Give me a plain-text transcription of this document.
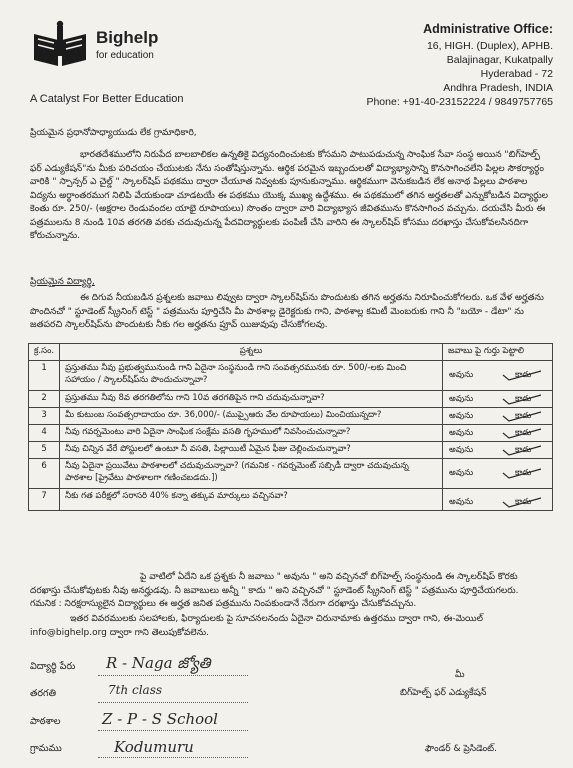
Bighelp
for education
A Catalyst For Better Education
Administrative Office:
16, HIGH. (Duplex), APHB.
Balajinagar, Kukatpally
Hyderabad - 72
Andhra Pradesh, INDIA
Phone: +91-40-23152224 / 9849757765
ప్రియమైన ప్రధానోపాధ్యాయుడు లేక గ్రామాధికారి,
భారతదేశములోని నిరుపేద బాలబాలికల ఉన్నతికై విద్యనందించుటకు కోసమని పాటుపడుచున్న సాంఘిక సేవా సంస్థ అయిన "బిగ్‌హెల్ప్ ఫర్ ఎడ్యుకేషన్"ను మీకు పరిచయం చేయుటకు నేను సంతోషిస్తున్నాను. ఆర్థిక పరమైన ఇబ్బందులతో విద్యాభ్యాసాన్ని కొనసాగించలేని పిల్లల సౌకర్యార్థం వారికి " స్పాన్సర్ ఎ చైల్డ్ " స్కాలర్‌షిప్ పథకము ద్వారా చేయూత నివ్వటకు పూనుకున్నాము. ఆర్థికముగా వెనుకబడిన లేక అనాథ పిల్లలు పాఠశాల విద్యను అర్థాంతరముగ నిలిపి వేయకుండా చూడటయే ఈ పథకము యొక్క ముఖ్య ఉద్దేశము. ఈ పథకములో తగిన అర్హతలతో ఎన్నుకోబడిన విద్యార్థుల కెంతు రూ. 250/- (అక్షరాల రెండువందల యాభై రూపాయలు) సొంతం ద్వారా వారి విద్యాభ్యాస జీవితమును కొనసాగించ వచ్చును. దయచేసి మీరు ఈ పత్రములను 8 నుండి 10వ తరగతి వరకు చదువుచున్న పేదవిద్యార్థులకు పంపిణీ చేసి వారిని ఈ స్కాలర్‌షిప్ కోసము దరఖాస్తు చేసుకోవలసినదిగా కోరుచున్నాను.
ప్రియమైన విద్యార్థి,
ఈ దిగువ నీయబడిన ప్రశ్నలకు జవాబు లివ్వుట ద్వారా స్కాలర్‌షిప్‌ను పొందుటకు తగిన అర్హతను నిరూపించుకోగలరు. ఒక వేళ అర్హతను పొందినచో " స్టూడెంట్ స్క్రీనింగ్ టెస్ట్ " పత్రమును పూర్తిచేసి మీ పాఠశాల్ల డైరెక్టరుకు గాని, పాఠశాల్ల కమిటీ మెంబరుకు గాని నీ "బయో - డేటా" ను జతపరచి స్కాలర్‌షిప్‌ను పొందుటకు నీకు గల అర్హతను ప్రూవ్ యిజువుపు చేసుకోగలవు.
క్ర.సం.	ప్రశ్నలు	జవాబు పై గుర్తు పెట్టాలి
1	ప్రస్తుతము నీవు ప్రభుత్వమునుండి గాని ఏదైనా సంస్థనుండి గాని సంవత్సరమునకు రూ. 500/-లకు మించి సహాయం / స్కాలర్‌షిప్‌ను పొందుచున్నావా?	అవును కాదు

2	ప్రస్తుతము నీవు 8వ తరగతిలోను గాని 10వ తరగతిపైన గాని చదువుచున్నావా?	అవును కాదు

3	మీ కుటుంబ సంవత్సరాదాయం రూ. 36,000/- (ముప్పైఆరు వేల రూపాయలు) మించియున్నదా?	అవును కాదు

4	నీవు గవర్నమెంటు వారి ఏదైనా సాంఘిక సంక్షేమ వసతి గృహములో నివసించుచున్నావా?	అవును కాదు

5	నీవు చిన్నిన వేరే పోస్టులలో ఉంటూ నీ వసతి, పిల్లాయిటీ ఏమైన ఫీజు చెల్లించుచున్నావా?	అవును కాదు

6	నీవు ఏదైనా ప్రయివేటు పాఠశాలలో చదువుచున్నావా? (గమనిక - గవర్నమెంట్ సబ్సిడీ ద్వారా చదువుచున్న పాఠశాల [ప్రైవేటు పాఠశాలగా గణించబడదు.])	అవును కాదు

7	నీకు గత పరీక్షలో సరాసరి 40% కన్నా తక్కువ మార్కులు వచ్చినవా?	అవును కాదు
పై వాటిలో ఏదేని ఒక ప్రశ్నకు నీ జవాబు " అవును " అని వచ్చినచో బిగ్‌హెల్ప్ సంస్థనుండి ఈ స్కాలర్‌షిప్ కొరకు దరఖాస్తు చేసుకోవుటకు నీవు అనర్హుడవు. నీ జవాబులు అన్నీ " కాదు " అని వచ్చినచో " స్టూడెంట్ స్క్రీనింగ్ టెస్ట్ " పత్రమును పూర్తిచేయగలరు.
గమనిక : నిరక్షరాస్యులైన విద్యార్థులు ఈ అర్హత జనిత పత్రమును నింపకుండానే నేరుగా దరఖాస్తు చేసుకోవచ్చును.
ఇతర వివరములకు సలహాలకు, ఫిర్యాదులకు పై సూచనలనందు ఏదైనా చిరునామాకు ఉత్తరము ద్వారా గాని, ఈ-మెయిల్ info@bighelp.org ద్వారా గాని తెలుపుకోవలెను.
విద్యార్థి పేరు R - Naga జ్యోతి
తరగతి	7th class
పాఠశాల	Z - P - S School
గ్రామము	Kodumuru
మీ
బిగ్‌హెల్ప్ ఫర్ ఎడ్యుకేషన్
ఫౌండర్ & ప్రెసిడెంట్.
